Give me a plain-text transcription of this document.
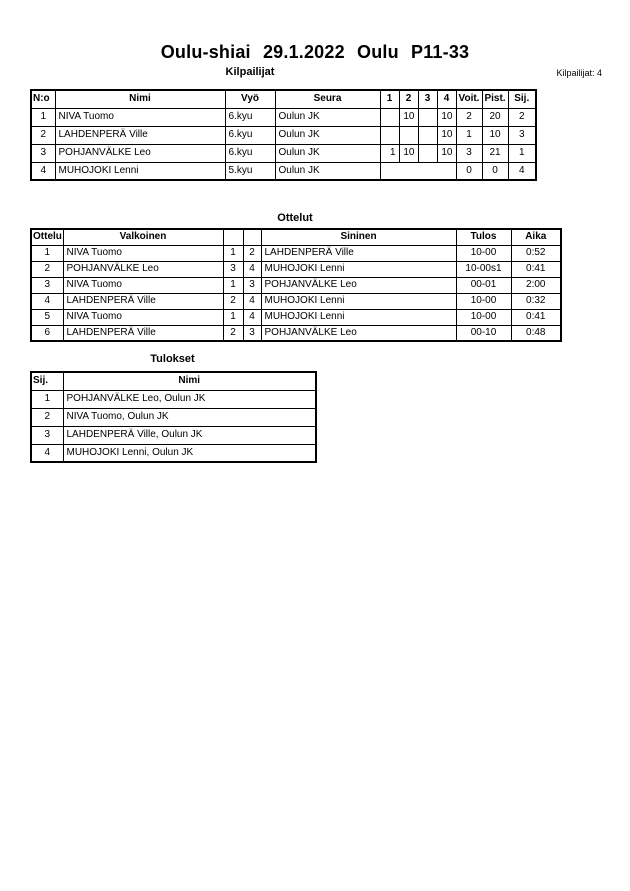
Oulu-shiai 29.1.2022 Oulu P11-33
Kilpailijat	Kilpailijat: 4
N:o	Nimi	Vyö	Seura	1	2	3	4	Voit.	Pist.	Sij.
1	NIVA Tuomo	6.kyu	Oulun JK		10		10	2	20	2
2	LAHDENPERÄ Ville	6.kyu	Oulun JK				10	1	10	3
3	POHJANVÄLKE Leo	6.kyu	Oulun JK	1	10		10	3	21	1
4	MUHOJOKI Lenni	5.kyu	Oulun JK					0	0	4
Ottelut
Ottelu	Valkoinen			Sininen	Tulos	Aika
1	NIVA Tuomo	1	2	LAHDENPERÄ Ville	10-00	0:52
2	POHJANVÄLKE Leo	3	4	MUHOJOKI Lenni	10-00s1	0:41
3	NIVA Tuomo	1	3	POHJANVÄLKE Leo	00-01	2:00
4	LAHDENPERÄ Ville	2	4	MUHOJOKI Lenni	10-00	0:32
5	NIVA Tuomo	1	4	MUHOJOKI Lenni	10-00	0:41
6	LAHDENPERÄ Ville	2	3	POHJANVÄLKE Leo	00-10	0:48
Tulokset
Sij.	Nimi
1	POHJANVÄLKE Leo, Oulun JK
2	NIVA Tuomo, Oulun JK
3	LAHDENPERÄ Ville, Oulun JK
4	MUHOJOKI Lenni, Oulun JK
